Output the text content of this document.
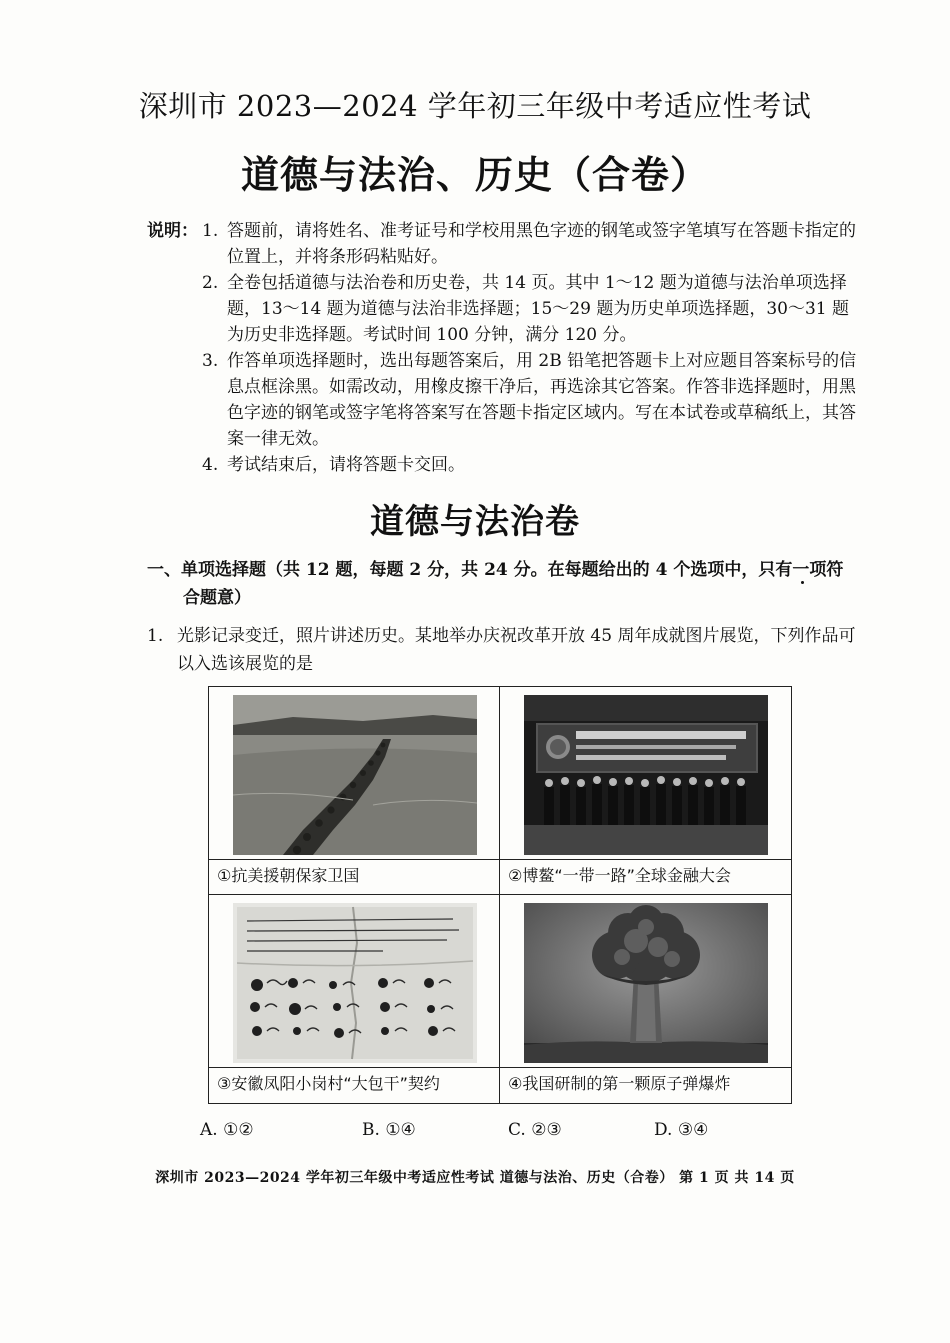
深圳市 2023—2024 学年初三年级中考适应性考试
道德与法治、历史（合卷）
说明： 1. 答题前，请将姓名、准考证号和学校用黑色字迹的钢笔或签字笔填写在答题卡指定的位置上，并将条形码粘贴好。
2. 全卷包括道德与法治卷和历史卷，共 14 页。其中 1～12 题为道德与法治单项选择题，13～14 题为道德与法治非选择题；15～29 题为历史单项选择题，30～31 题为历史非选择题。考试时间 100 分钟，满分 120 分。
3. 作答单项选择题时，选出每题答案后，用 2B 铅笔把答题卡上对应题目答案标号的信息点框涂黑。如需改动，用橡皮擦干净后，再选涂其它答案。作答非选择题时，用黑色字迹的钢笔或签字笔将答案写在答题卡指定区域内。写在本试卷或草稿纸上，其答案一律无效。
4. 考试结束后，请将答题卡交回。
道德与法治卷
一、单项选择题（共 12 题，每题 2 分，共 24 分。在每题给出的 4 个选项中，只有一项符
合题意）
1. 光影记录变迁，照片讲述历史。某地举办庆祝改革开放 45 周年成就图片展览，下列作品可以入选该展览的是
①抗美援朝保家卫国	②博鳌“一带一路”全球金融大会
③安徽凤阳小岗村“大包干”契约	④我国研制的第一颗原子弹爆炸
A. ①②	B. ①④	C. ②③	D. ③④
深圳市 2023—2024 学年初三年级中考适应性考试 道德与法治、历史（合卷） 第 1 页 共 14 页
